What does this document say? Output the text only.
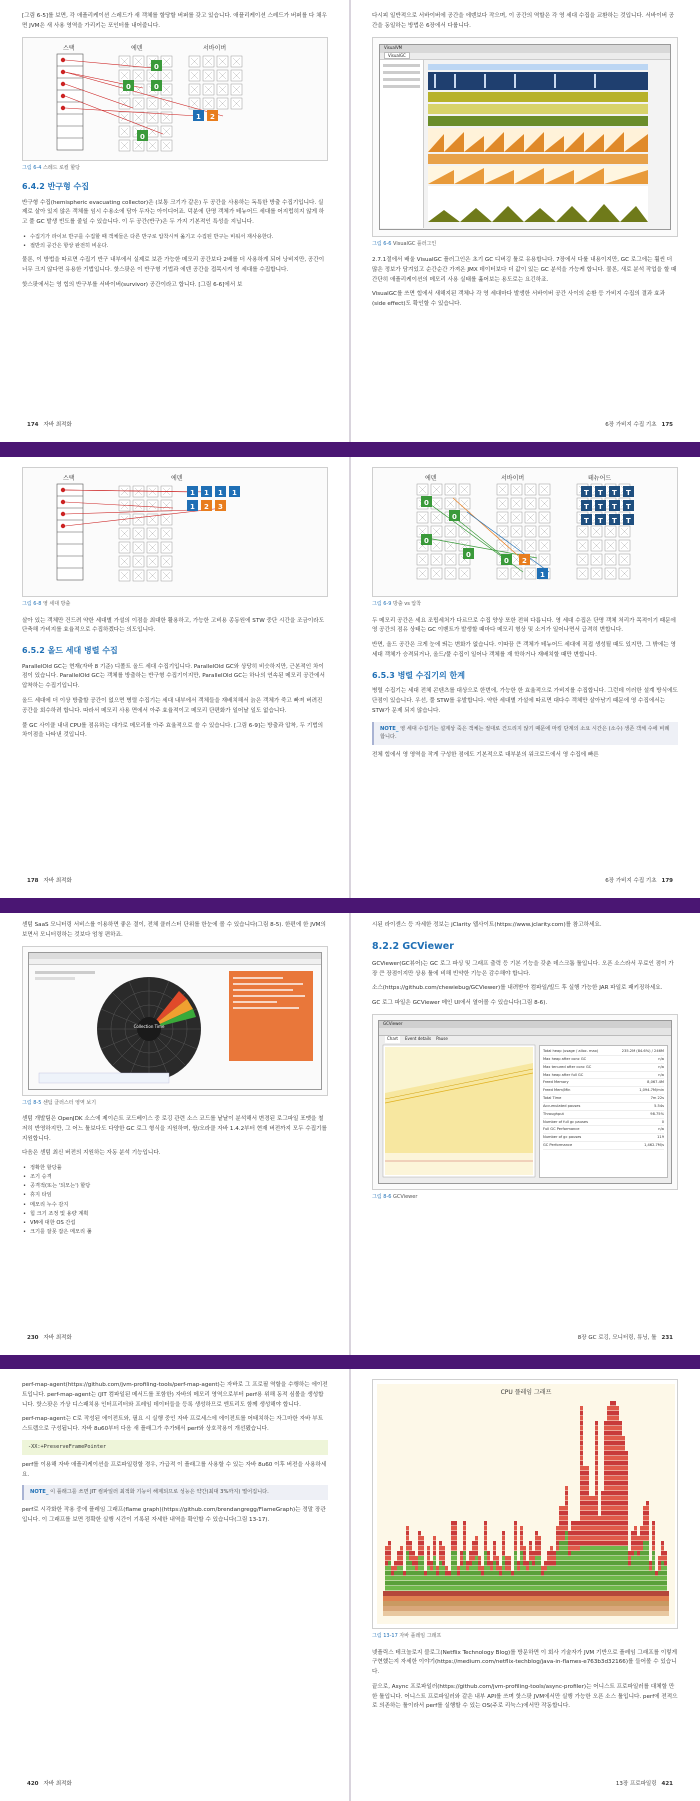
[그림 6-5]를 보면, 각 애플리케이션 스레드가 새 객체를 할당할 버퍼를 갖고 있습니다. 애플리케이션 스레드가 버퍼를 다 채우면 JVM은 새 사용 영역을 가리키는 포인터를 내어줍니다.
스택	에덴	서바이버
0
0	0
1 2
0
그림 6-4 스레드 로컬 할당
6.4.2 반구형 수집
반구형 수집(hemispheric evacuating collector)은 (보통 크기가 같은) 두 공간을 사용하는 독특한 방출 수집기입니다. 실제로 살아 있지 않은 객체를 임시 수용소에 담아 두자는 아이디어죠. 덕분에 단명 객체가 테뉴어드 세대를 어지럽히지 않게 하고 풀 GC 발생 빈도를 줄일 수 있습니다. 이 두 공간(반구)은 두 가지 기본적인 특성을 지닙니다.
• 수집기가 라이브 반구를 수집할 때 객체들은 다른 반구로 압착시켜 옮기고 수집된 반구는 비워서 재사용한다.
• 절반의 공간은 항상 완전히 비운다.
물론, 이 방법을 따르면 수집기 반구 내부에서 실제로 보관 가능한 메모리 공간보다 2배를 더 사용하게 되어 낭비지만, 공간이 너무 크지 않다면 유용한 기법입니다. 핫스팟은 이 반구형 기법과 에덴 공간을 접목시켜 영 세대를 수집합니다.
핫스팟에서는 영 힙의 반구부를 서바이버(survivor) 공간이라고 합니다. [그림 6-6]에서 보
174 자바 최적화
다시피 일반적으로 서바이버에 공간을 에덴보다 작으며, 이 공간의 역할은 각 영 세대 수집을 교환하는 것입니다. 서바이버 공간을 동일하는 방법은 6장에서 다룹니다.
VisualVM
VisualGC
그림 6-6 VisualGC 플러그인
2.7.1절에서 배울 VisualGC 플러그인은 초기 GC 디버깅 툴로 유용합니다. 7장에서 다룰 내용이지만, GC 로그에는 훨씬 더 많은 정보가 담겨있고 순간순간 가져온 JMX 데이터보다 더 값이 있는 GC 분석을 가능케 합니다. 물론, 새로 분석 작업을 할 때 간단히 애플리케이션의 메모리 사용 실태를 훑어보는 용도로는 요긴하죠.
VisualGC를 쓰면 힙에서 새해지된 객체나 각 영 세대마다 발생한 서바이버 공간 사이의 순환 등 가비지 수집의 결과 효과(side effect)도 확인할 수 있습니다.
6장 가비지 수집 기초 175
스택	에덴
1 1 1 1
1 2 3
그림 6-8 영 세대 방출
살아 있는 객체만 건드려 약한 세대별 가설의 이점을 최대한 활용하고, 가능한 고비용 종동원에 STW 중단 시간을 조금이라도 단축해 가비지를 효율적으로 수집하겠다는 의도입니다.
6.5.2 올드 세대 병렬 수집
ParallelOld GC는 현재(자바 8 기준) 디폴트 올드 세대 수집기입니다. ParallelOld GC와 상당히 비슷하지만, 근본적인 차이점이 있습니다. ParallelOld GC는 객체를 방출하는 반구형 수집기이지만, ParallelOld GC는 하나의 연속된 메모리 공간에서 압착하는 수집기입니다.
올드 세대에 더 이상 방출할 공간이 없으면 병렬 수집기는 세대 내부에서 객체들을 재배치해서 늙은 객체가 죽고 빠져 버려진 공간을 회수하려 합니다. 따라서 메모리 사용 면에서 아주 효율적이고 메모리 단편화가 일어날 일도 없습니다.
풀 GC 사이클 내내 CPU를 점유하는 대가로 메모리를 아주 효율적으로 쓸 수 있습니다. [그림 6-9]는 방출과 압착, 두 기법의 차이점을 나타낸 것입니다.
178 자바 최적화
에덴	서바이버	테뉴어드
0
0
0
0
0 2
1
T T T T
T T T T
T T T T
그림 6-9 방출 vs 압착
두 메모리 공간은 세요 조립세처가 다르므로 수집 양상 또한 전혀 다릅니다. 영 세대 수집은 단명 객체 처리가 목적이기 때문에 영 공간의 점유 상태는 GC 이벤트가 발생할 때마다 메모리 형상 및 소거가 일어나면서 급격히 변합니다.
반면, 올드 공간은 크게 눈에 띄는 변화가 없습니다. 이따끔 큰 객체가 테뉴어드 세대에 직접 생성될 때도 있지만, 그 밖에는 영 세대 객체가 승격되거나, 올드/풀 수집이 일어나 객체를 재 학하거나 재배치할 때만 변합니다.
6.5.3 병렬 수집기의 한계
병렬 수집기는 세대 전체 콘텐츠를 대상으로 한번에, 가능한 한 효율적으로 가비지를 수집합니다. 그런데 이러한 설계 방식에도 단점이 있습니다. 우선, 풀 STW를 유발합니다. 약한 세대별 가설에 따르면 대다수 객체만 살아남기 때문에 영 수집에서는 STW가 문제 되지 않습니다.
NOTE_ 영 세대 수집기는 설계상 죽은 객체는 절대로 건드리지 않기 때문에 마킹 단계의 소요 시간은 (소수) 생존 객체 수에 비례합니다.
전체 힙에서 영 영역을 작게 구성한 점에도 기본적으로 대부분의 워크로드에서 영 수집에 빠른
6장 가비지 수집 기초 179
센텀 SaaS 모니터링 서비스를 이용하면 좋은 결이, 전체 클러스터 단위를 한눈에 볼 수 있습니다(그림 8-5). 한편에 한 JVM의 보면서 모니터링하는 것보다 엄청 편하죠.
Collection Time
그림 8-5 센텀 클러스터 영역 보기
센텀 개발팀은 OpenJDK 소스에 제이슨트 코드베이스 중 로깅 관련 소스 코드를 낱낱이 분석해서 변경된 로그파일 포맷을 철저히 반영하지만, 그 어느 툴보다도 다양한 GC 로그 형식을 지원하며, 쌍/오라클 자바 1.4.2부터 현재 버전까지 모두 수집기를 지원합니다.
다음은 센텀 최신 버전의 지원하는 자동 분석 기능입니다.
• 정확한 할당률
• 조기 승격
• 공격적(또는 '되모는') 할당
• 휴지 타임
• 메모리 누수 감지
• 힙 크기 조정 및 용량 계획
• VM에 대한 OS 간섭
• 크기를 잘못 잡은 메모리 풀
230 자바 최적화
시된 라이센스 등 자세한 정보는 jClarity 웹사이트(https://www.jclarity.com)를 참고하세요.
8.2.2 GCViewer
GCViewer(GC뷰어)는 GC 로그 파싱 및 그래프 출력 등 기본 기능을 갖춘 데스크톱 툴입니다. 오픈 소스라서 무료인 점이 가장 큰 장점이지만 상용 툴에 비해 빈약한 기능은 감수해야 합니다.
소스(https://github.com/chewiebug/GCViewer)를 내려받아 컴파일/빌드 후 실행 가능한 JAR 파일로 패키징하세요.
GC 로그 파일은 GCViewer 메인 UI에서 열어볼 수 있습니다(그림 8-6).
GCViewer
Chart	Event details Pause
Total heap (usage / alloc. max)	235.2M (84.6%) / 246M
Max heap after conc GC	n/a
Max tenured after conc GC	n/a
Max heap after full GC	n/a
Freed Memory	8,067.4M
Freed Mem/Min	1,094.7M/min
Total Time	7m 22s
Accumulated pauses	5.54s
Throughput	98.75%
Number of full gc pauses	0
Full GC Performance	n/a
Number of gc pauses	119
GC Performance	1,462.7M/s
그림 8-6 GCViewer
8장 GC 로깅, 모니터링, 튜닝, 툴 231
perf-map-agent(https://github.com/jvm-profiling-tools/perf-map-agent)는 자바로 그 프로필 역할을 수행하는 에이전트입니다. perf-map-agent는 (JIT 컴파일된 메서드를 포함한) 자바의 메모리 영역으로부터 perf용 위해 동적 심볼을 생성합니다. 핫스팟은 가상 디스패치용 인터프리터와 프레임 데이터들을 등록 생성하므로 엔트리도 함께 생성해야 합니다.
perf-map-agent는 C로 작성된 에이전트와, 필요 시 실행 중인 자바 프로세스에 에이전트를 어태치하는 자그마한 자바 부트스트랩으로 구성됩니다. 자바 8u60부터 다음 새 플래그가 추가돼서 perf와 상호작용이 개선됐습니다.
-XX:+PreserveFramePointer
perf를 이용해 자바 애플리케이션을 프로파일링할 경우, 가급적 이 플래그를 사용할 수 있는 자바 8u60 이후 버전을 사용하세요.
NOTE_ 이 플래그를 쓰면 JIT 컴파일러 최적화 기능이 해제되므로 성능은 약간(최대 3%까지) 떨어집니다.
perf로 시각화한 작용 중에 플레임 그래프(flame graph)(https://github.com/brendangregg/FlameGraph)는 정말 장관입니다. 이 그래프를 보면 정확한 실행 시간이 기록된 자세한 내역을 확인할 수 있습니다(그림 13-17).
420 자바 최적화
CPU 플레임 그래프
그림 13-17 자바 플레임 그래프
넷플릭스 테크놀로지 블로그(Netflix Technology Blog)를 방문하면 이 회사 기술자가 JVM 기반으로 플레임 그래프를 이렇게 구현했는지 자세한 이야기(https://medium.com/netflix-techblog/java-in-flames-e763b3d32166)를 들어볼 수 있습니다.
끝으로, Async 프로파일러(https://github.com/jvm-profiling-tools/async-profiler)는 어니스트 프로파일러를 대체할 만한 툴입니다. 어니스트 프로파일러와 같은 내부 API를 쓰며 핫스팟 JVM에서만 실행 가능한 오픈 소스 툴입니다. perf에 전적으로 의존하는 툴이라서 perf를 실행할 수 있는 OS(주로 리눅스)에서만 작동합니다.
13장 프로파일링 421
